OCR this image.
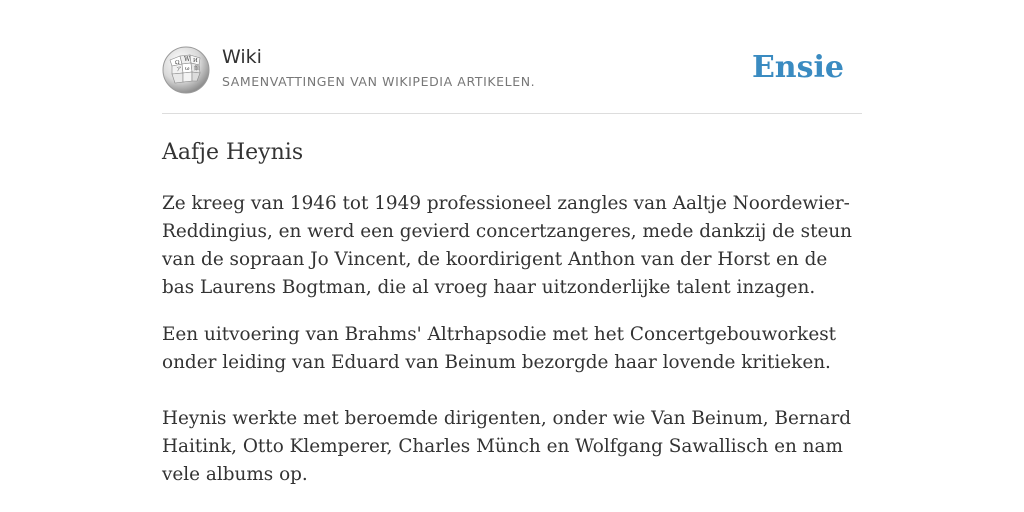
Ω W И
ア ω 維
Wiki
SAMENVATTINGEN VAN WIKIPEDIA ARTIKELEN.	Ensie
Aafje Heynis

Ze kreeg van 1946 tot 1949 professioneel zangles van Aaltje Noordewier-Reddingius, en werd een gevierd concertzangeres, mede dankzij de steun van de sopraan Jo Vincent, de koordirigent Anthon van der Horst en de bas Laurens Bogtman, die al vroeg haar uitzonderlijke talent inzagen.

Een uitvoering van Brahms' Altrhapsodie met het Concertgebouworkest onder leiding van Eduard van Beinum bezorgde haar lovende kritieken.

Heynis werkte met beroemde dirigenten, onder wie Van Beinum, Bernard Haitink, Otto Klemperer, Charles Münch en Wolfgang Sawallisch en nam vele albums op.
